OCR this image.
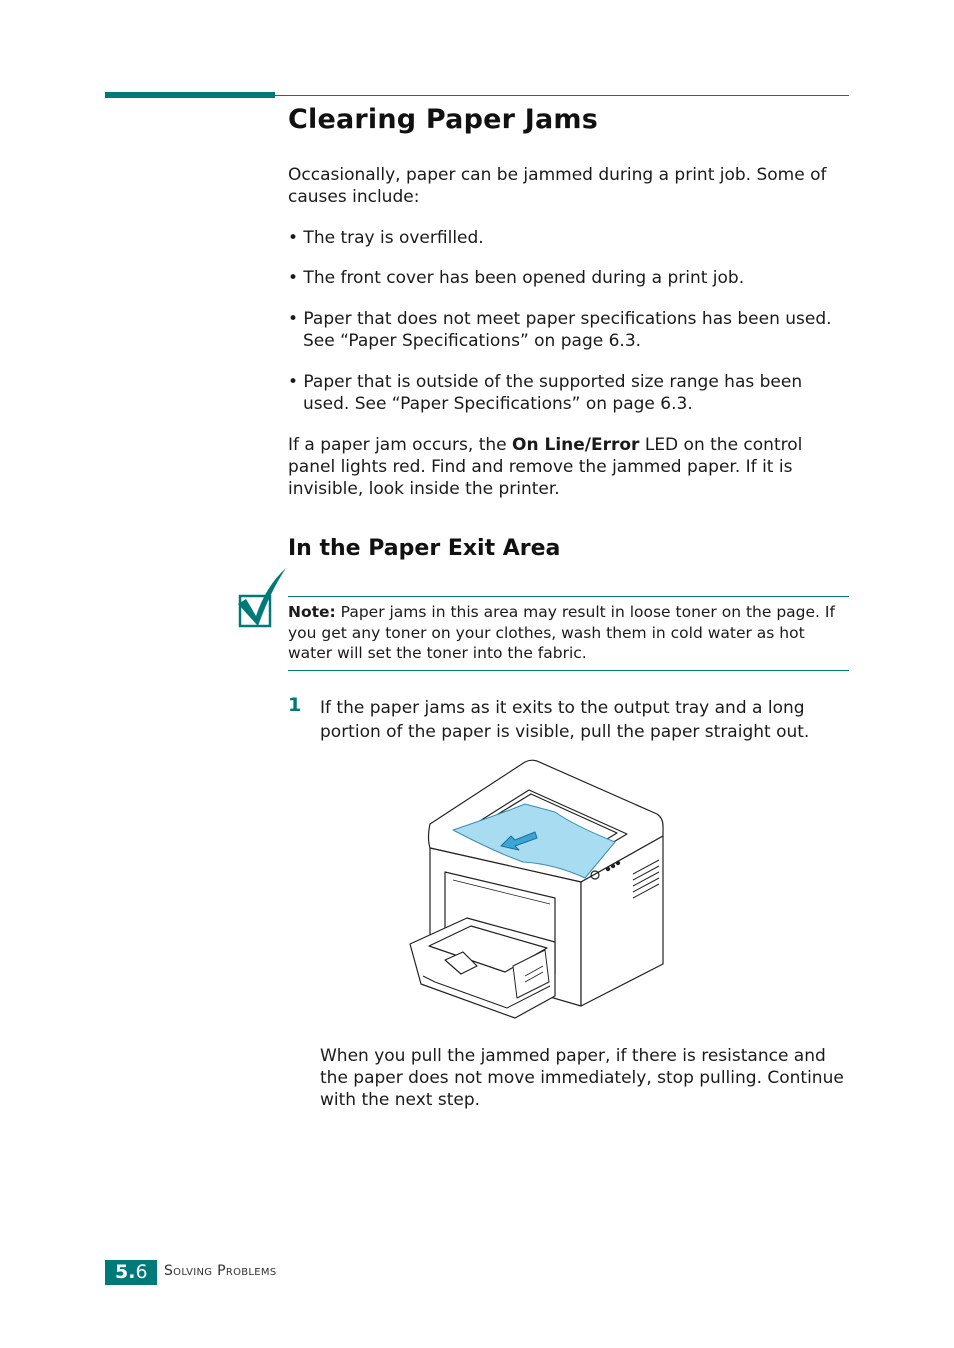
Clearing Paper Jams
Occasionally, paper can be jammed during a print job. Some of causes include:
• The tray is overfilled.
• The front cover has been opened during a print job.
• Paper that does not meet paper specifications has been used. See “Paper Specifications” on page 6.3.
• Paper that is outside of the supported size range has been used. See “Paper Specifications” on page 6.3.
If a paper jam occurs, the On Line/Error LED on the control panel lights red. Find and remove the jammed paper. If it is invisible, look inside the printer.
In the Paper Exit Area
Note: Paper jams in this area may result in loose toner on the page. If you get any toner on your clothes, wash them in cold water as hot water will set the toner into the fabric.
1 If the paper jams as it exits to the output tray and a long portion of the paper is visible, pull the paper straight out.
When you pull the jammed paper, if there is resistance and the paper does not move immediately, stop pulling. Continue with the next step.
5.6 Solving Problems
